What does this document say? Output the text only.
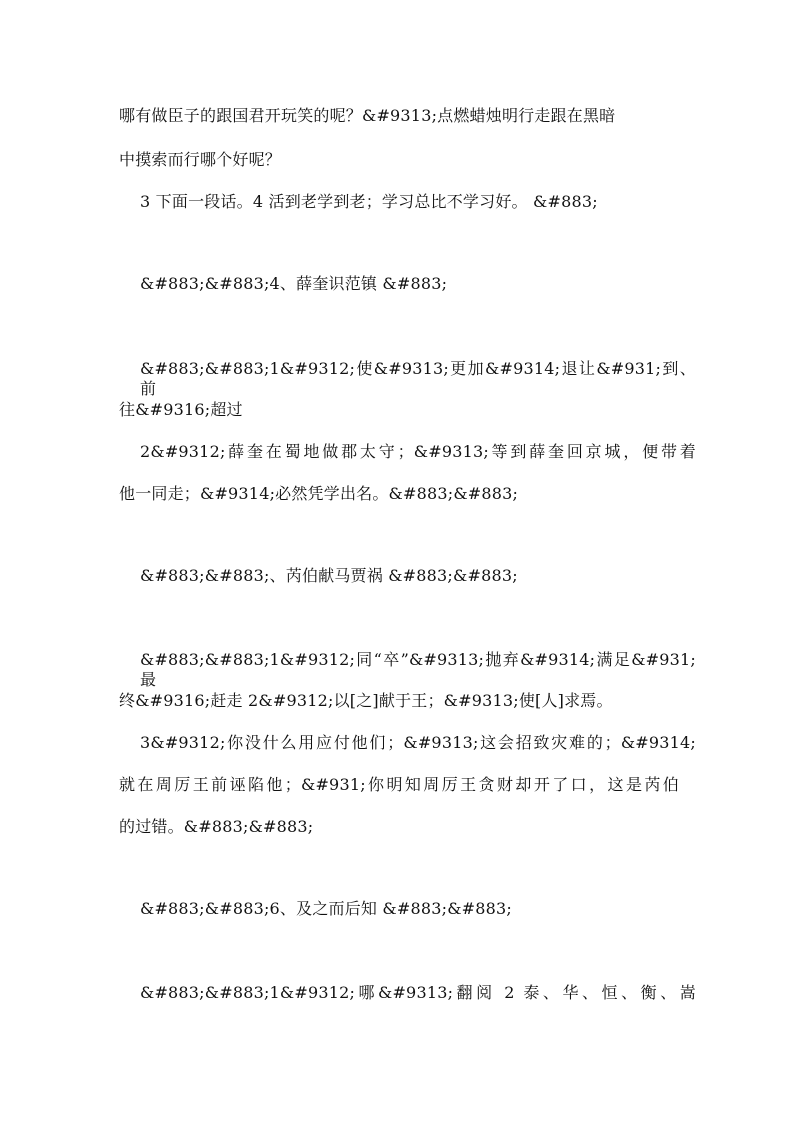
哪有做臣子的跟国君开玩笑的呢？&#9313;点燃蜡烛明行走跟在黑暗
中摸索而行哪个好呢？
3 下面一段话。4 活到老学到老；学习总比不学习好。 &#883;
&#883;&#883;4、薛奎识范镇 &#883;
&#883;&#883;1&#9312;使&#9313;更加&#9314;退让&#931;到、前
往&#9316;超过
2&#9312;薛奎在蜀地做郡太守；&#9313;等到薛奎回京城，便带着
他一同走；&#9314;必然凭学出名。&#883;&#883;
&#883;&#883;、芮伯献马贾祸 &#883;&#883;
&#883;&#883;1&#9312;同“卒”&#9313;抛弃&#9314;满足&#931;最
终&#9316;赶走 2&#9312;以[之]献于王；&#9313;使[人]求焉。
3&#9312;你没什么用应付他们；&#9313;这会招致灾难的；&#9314;
就在周厉王前诬陷他；&#931;你明知周厉王贪财却开了口，这是芮伯
的过错。&#883;&#883;
&#883;&#883;6、及之而后知 &#883;&#883;
&#883;&#883;1&#9312;哪&#9313;翻阅 2 泰、华、恒、衡、嵩
